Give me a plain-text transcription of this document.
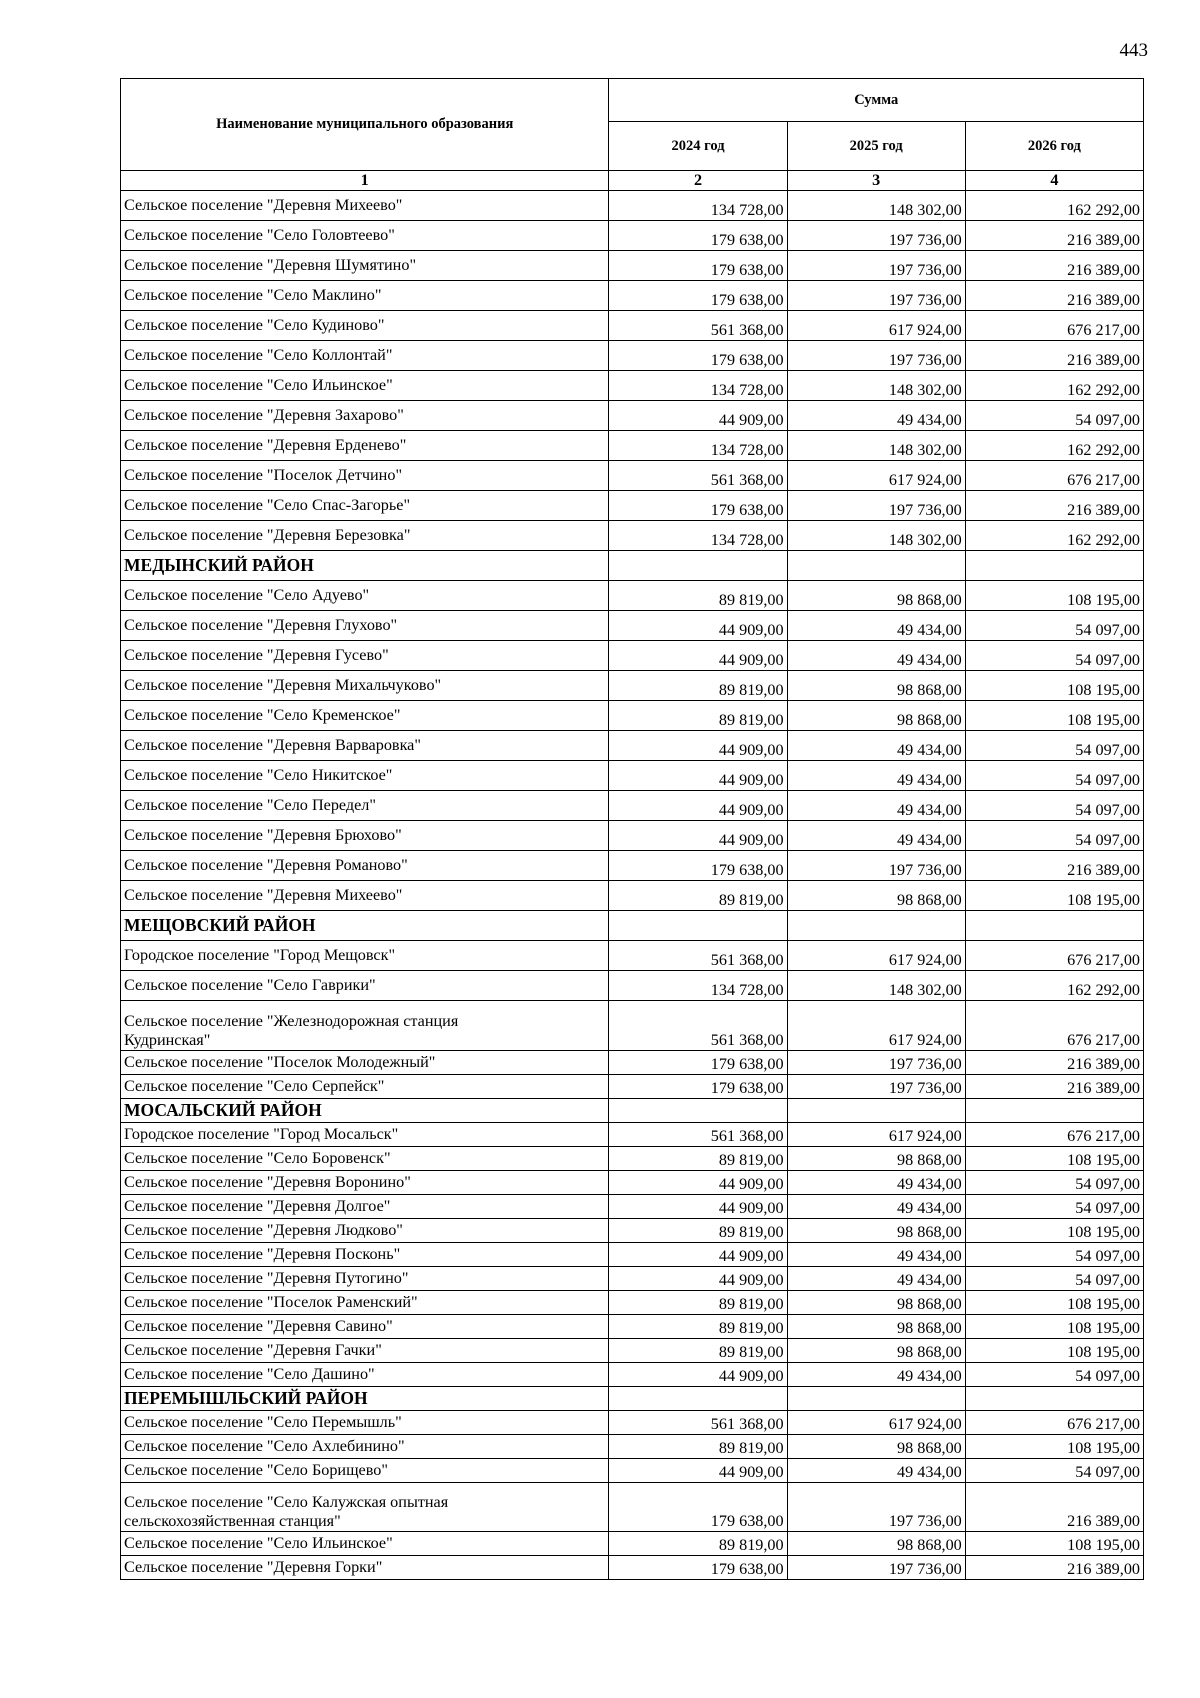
443
Наименование муниципального образования	Сумма		
	2024 год	2025 год	2026 год
1	2	3	4
Сельское поселение "Деревня Михеево"	134 728,00	148 302,00	162 292,00
Сельское поселение "Село Головтеево"	179 638,00	197 736,00	216 389,00
Сельское поселение "Деревня Шумятино"	179 638,00	197 736,00	216 389,00
Сельское поселение "Село Маклино"	179 638,00	197 736,00	216 389,00
Сельское поселение "Село Кудиново"	561 368,00	617 924,00	676 217,00
Сельское поселение "Село Коллонтай"	179 638,00	197 736,00	216 389,00
Сельское поселение "Село Ильинское"	134 728,00	148 302,00	162 292,00
Сельское поселение "Деревня Захарово"	44 909,00	49 434,00	54 097,00
Сельское поселение "Деревня Ерденево"	134 728,00	148 302,00	162 292,00
Сельское поселение "Поселок Детчино"	561 368,00	617 924,00	676 217,00
Сельское поселение "Село Спас-Загорье"	179 638,00	197 736,00	216 389,00
Сельское поселение "Деревня Березовка"	134 728,00	148 302,00	162 292,00
МЕДЫНСКИЙ РАЙОН			
Сельское поселение "Село Адуево"	89 819,00	98 868,00	108 195,00
Сельское поселение "Деревня Глухово"	44 909,00	49 434,00	54 097,00
Сельское поселение "Деревня Гусево"	44 909,00	49 434,00	54 097,00
Сельское поселение "Деревня Михальчуково"	89 819,00	98 868,00	108 195,00
Сельское поселение "Село Кременское"	89 819,00	98 868,00	108 195,00
Сельское поселение "Деревня Варваровка"	44 909,00	49 434,00	54 097,00
Сельское поселение "Село Никитское"	44 909,00	49 434,00	54 097,00
Сельское поселение "Село Передел"	44 909,00	49 434,00	54 097,00
Сельское поселение "Деревня Брюхово"	44 909,00	49 434,00	54 097,00
Сельское поселение "Деревня Романово"	179 638,00	197 736,00	216 389,00
Сельское поселение "Деревня Михеево"	89 819,00	98 868,00	108 195,00
МЕЩОВСКИЙ РАЙОН			
Городское поселение "Город Мещовск"	561 368,00	617 924,00	676 217,00
Сельское поселение "Село Гаврики"	134 728,00	148 302,00	162 292,00

Сельское поселение "Железнодорожная станция
Кудринская"	561 368,00	617 924,00	676 217,00
Сельское поселение "Поселок Молодежный"	179 638,00	197 736,00	216 389,00
Сельское поселение "Село Серпейск"	179 638,00	197 736,00	216 389,00
МОСАЛЬСКИЙ РАЙОН			
Городское поселение "Город Мосальск"	561 368,00	617 924,00	676 217,00
Сельское поселение "Село Боровенск"	89 819,00	98 868,00	108 195,00
Сельское поселение "Деревня Воронино"	44 909,00	49 434,00	54 097,00
Сельское поселение "Деревня Долгое"	44 909,00	49 434,00	54 097,00
Сельское поселение "Деревня Людково"	89 819,00	98 868,00	108 195,00
Сельское поселение "Деревня Посконь"	44 909,00	49 434,00	54 097,00
Сельское поселение "Деревня Путогино"	44 909,00	49 434,00	54 097,00
Сельское поселение "Поселок Раменский"	89 819,00	98 868,00	108 195,00
Сельское поселение "Деревня Савино"	89 819,00	98 868,00	108 195,00
Сельское поселение "Деревня Гачки"	89 819,00	98 868,00	108 195,00
Сельское поселение "Село Дашино"	44 909,00	49 434,00	54 097,00
ПЕРЕМЫШЛЬСКИЙ РАЙОН			
Сельское поселение "Село Перемышль"	561 368,00	617 924,00	676 217,00
Сельское поселение "Село Ахлебинино"	89 819,00	98 868,00	108 195,00
Сельское поселение "Село Борищево"	44 909,00	49 434,00	54 097,00

Сельское поселение "Село Калужская опытная
сельскохозяйственная станция"	179 638,00	197 736,00	216 389,00
Сельское поселение "Село Ильинское"	89 819,00	98 868,00	108 195,00
Сельское поселение "Деревня Горки"	179 638,00	197 736,00	216 389,00
